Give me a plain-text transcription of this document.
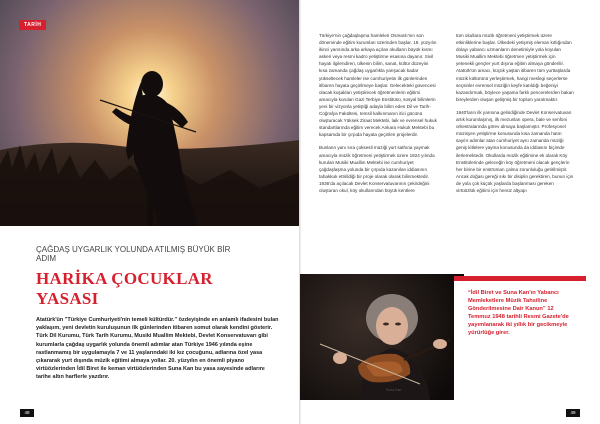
TARİH
ÇAĞDAŞ UYGARLIK YOLUNDA ATILMIŞ BÜYÜK BİR ADIM
HARİKA ÇOCUKLAR
YASASI
Atatürk'ün "Türkiye Cumhuriyeti'nin temeli kültürdür." özdeyişinde en anlamlı ifadesini bulan yaklaşım, yeni devletin kuruluşunun ilk günlerinden itibaren somut olarak kendini gösterir. Türk Dil Kurumu, Türk Tarih Kurumu, Musiki Muallim Mektebi, Devlet Konservatuvarı gibi kurumlarla çağdaş uygarlık yolunda önemli adımlar atan Türkiye 1946 yılında eşine rastlanmamış bir uygulamayla 7 ve 11 yaşlarındaki iki kız çocuğunu, adlarına özel yasa çıkararak yurt dışında müzik eğitimi almaya yollar. 20. yüzyılın en önemli piyano virtüözlerinden İdil Biret ile keman virtüözlerinden Suna Kan bu yasa sayesinde adlarını tarihe altın harflerle yazdırır.
48

Türkiye'nin çağdaşlaşma hamleleri Osmanlı'nın son döneminde eğitim kurumları üzerinden başlar. 19. yüzyılın ikinci yarısında arka arkaya açılan okulların büyük kısmı askeri veya resmi kadro yetiştirme esasına dayanır. Sivil hayatı ilgilendiren, ülkenin bilim, sanat, kültür düzeyini kısa zamanda çağdaş uygarlıkla yarışacak kadar yükseltecek hamleler ise cumhuriyetin ilk günlerinden itibaren hayata geçirilmeye başlar. Gelecekteki güvencesi olacak kuşakları yetiştirecek öğretmenlerin eğitimi amacıyla kurulan Gazi Terbiye Enstitüsü, sosyal bilimlerin yeni bir vizyonla yetiştiği adayla bilim eden Dil ve Tarih-Coğrafya Fakültesi, temsil kalkınmanın itici gücünü oluşturacak Yüksek Ziraat Mektebi, laik ve evrensel hukuk standartlarında eğitim verecek Ankara Hukuk Mektebi bu kapsamda bir çırpıda hayata geçirilen projelerdir.

Bunların yanı sıra çoksesli müziği yurt sathına yaymak amacıyla müzik öğretmeni yetiştirmek üzere 1924 yılında kurulan Musiki Muallim Mektebi ise cumhuriyet çağdaşlaşma yolunda bir çırpıda kazanılan iddiasının tahakkuk ettirildiği bir proje olarak olarak bilinmektedir. 1936'da açılacak Devlet Konservatuvarının çekirdeğini oluşturan okul, köy okullarından büyük kentlere

tüm okullara müzik öğretmeni yetiştirmek üzere etkinliklerine başlar. Ülkedeki yetişmiş eleman kıtlığından dolayı yabancı uzmanların denetimiyle yola koyulan Musiki Muallim Mektebi öğretmen yetiştirmek için yetenekli gençler yurt dışına eğitim almaya gönderilir. Atatürk'ün amacı, küçük yaştan itibaren tüm yurttaşlarda müzik kültürünü yerleştirmek, hangi meslegi seçerlerse seçsinler evrensel müziğin keyfe katıldığı beğeniyi kazandırmak, böylece yaşama farklı pencerelerden bakan bireylerden oluşan gelişmiş bir toplum yaratmaktır.

1940'ların ilk yarısına gelindiğinde Devlet Konservatuvarı artık kurumlaşmış, ilk mezunları opera, bale ve senfoni orkestralarında görev almaya başlamıştır. Profesyonel müzisyen yetiştirme konusunda kısa zamanda hatırı sayılır adımlar atan cumhuriyet aynı zamanda müziği geniş kitlelere yayma konusunda da iddiasını biçimde ilerlemektedir. Okullarda müzik eğitimine ek olarak Köy Enstitülerinde geleceğin köy öğretmeni olacak gençlerin her birine bir enstrüman çalma zorunluluğu getirilmiştir. Ancak doğası gereği sıkı bir disiplin gerektiren, bunun için de yola çok küçük yaşlarda başlanması gereken virtüözlük eğitimi için henüz altyapı

Suna Kan
“İdil Biret ve Suna Kan'ın Yabancı Memleketlere Müzik Tahsiline Gönderilmesine Dair Kanun” 12 Temmuz 1948 tarihli Resmi Gazete'de yayımlanarak iki yıllık bir gecikmeyle yürürlüğe girer.
49
